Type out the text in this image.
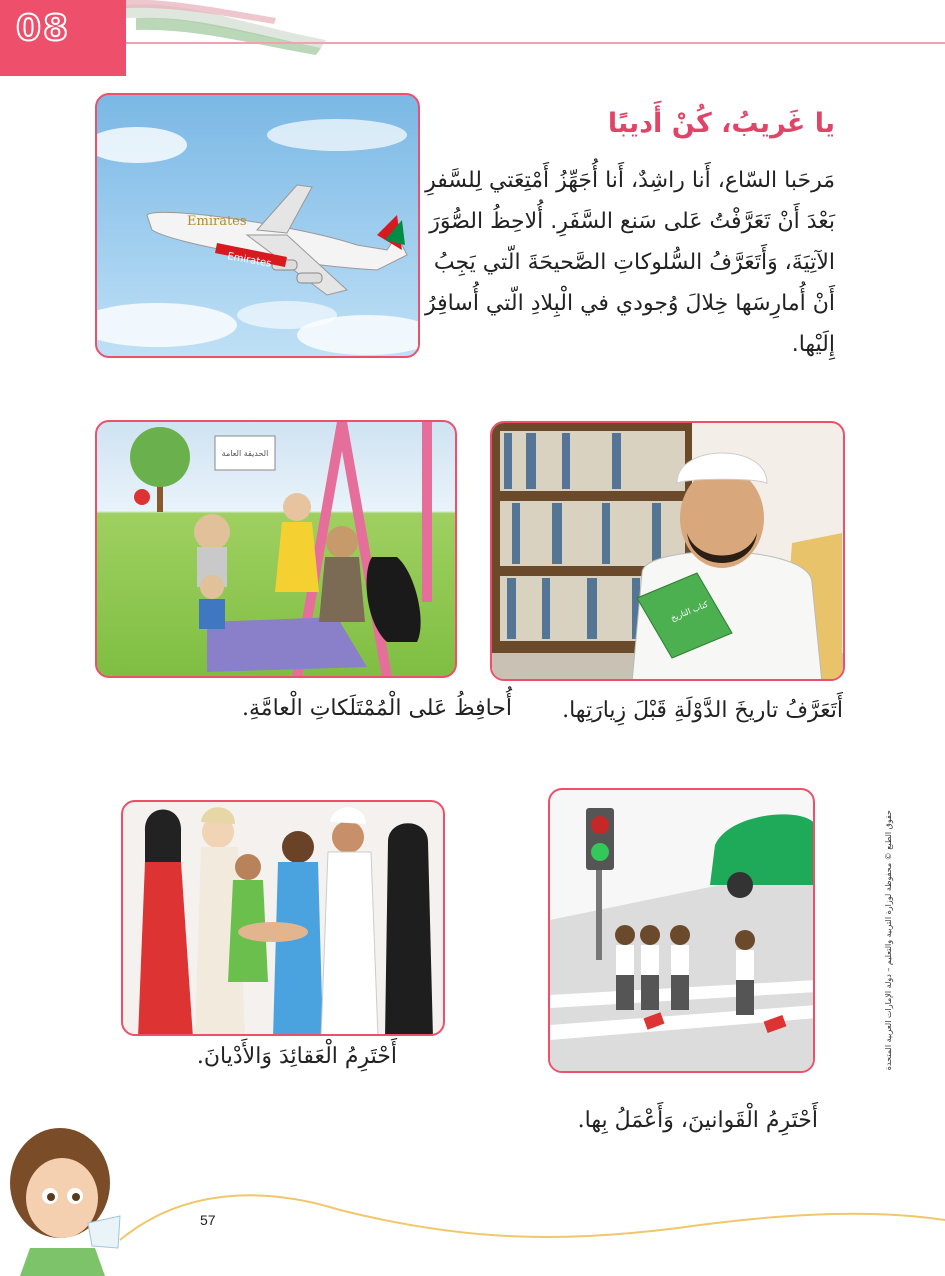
08
Emirates
Emirates
يا غَريبُ، كُنْ أَديبًا
مَرحَبا السّاع، أَنا راشِدٌ، أَنا أُجَهِّزُ أَمْتِعَتي لِلسَّفرِ بَعْدَ أَنْ تَعَرَّفْتُ عَلى سَنع السَّفَرِ. أُلاحِظُ الصُّوَرَ الآتِيَةَ، وَأَتَعَرَّفُ السُّلوكاتِ الصَّحيحَةَ الّتي يَجِبُ أَنْ أُمارِسَها خِلالَ وُجودي في الْبِلادِ الّتي أُسافِرُ إِلَيْها.
الحديقة العامة
كتاب التاريخ
أُحافِظُ عَلى الْمُمْتَلَكاتِ الْعامَّةِ. أَتَعَرَّفُ تاريخَ الدَّوْلَةِ قَبْلَ زِيارَتِها.
أَحْتَرِمُ الْعَقائِدَ وَالأَدْيانَ.
أَحْتَرِمُ الْقَوانينَ، وَأَعْمَلُ بِها.
حقوق الطبع © محفوظة لوزارة التربية والتعليم – دولة الإمارات العربية المتحدة
57
